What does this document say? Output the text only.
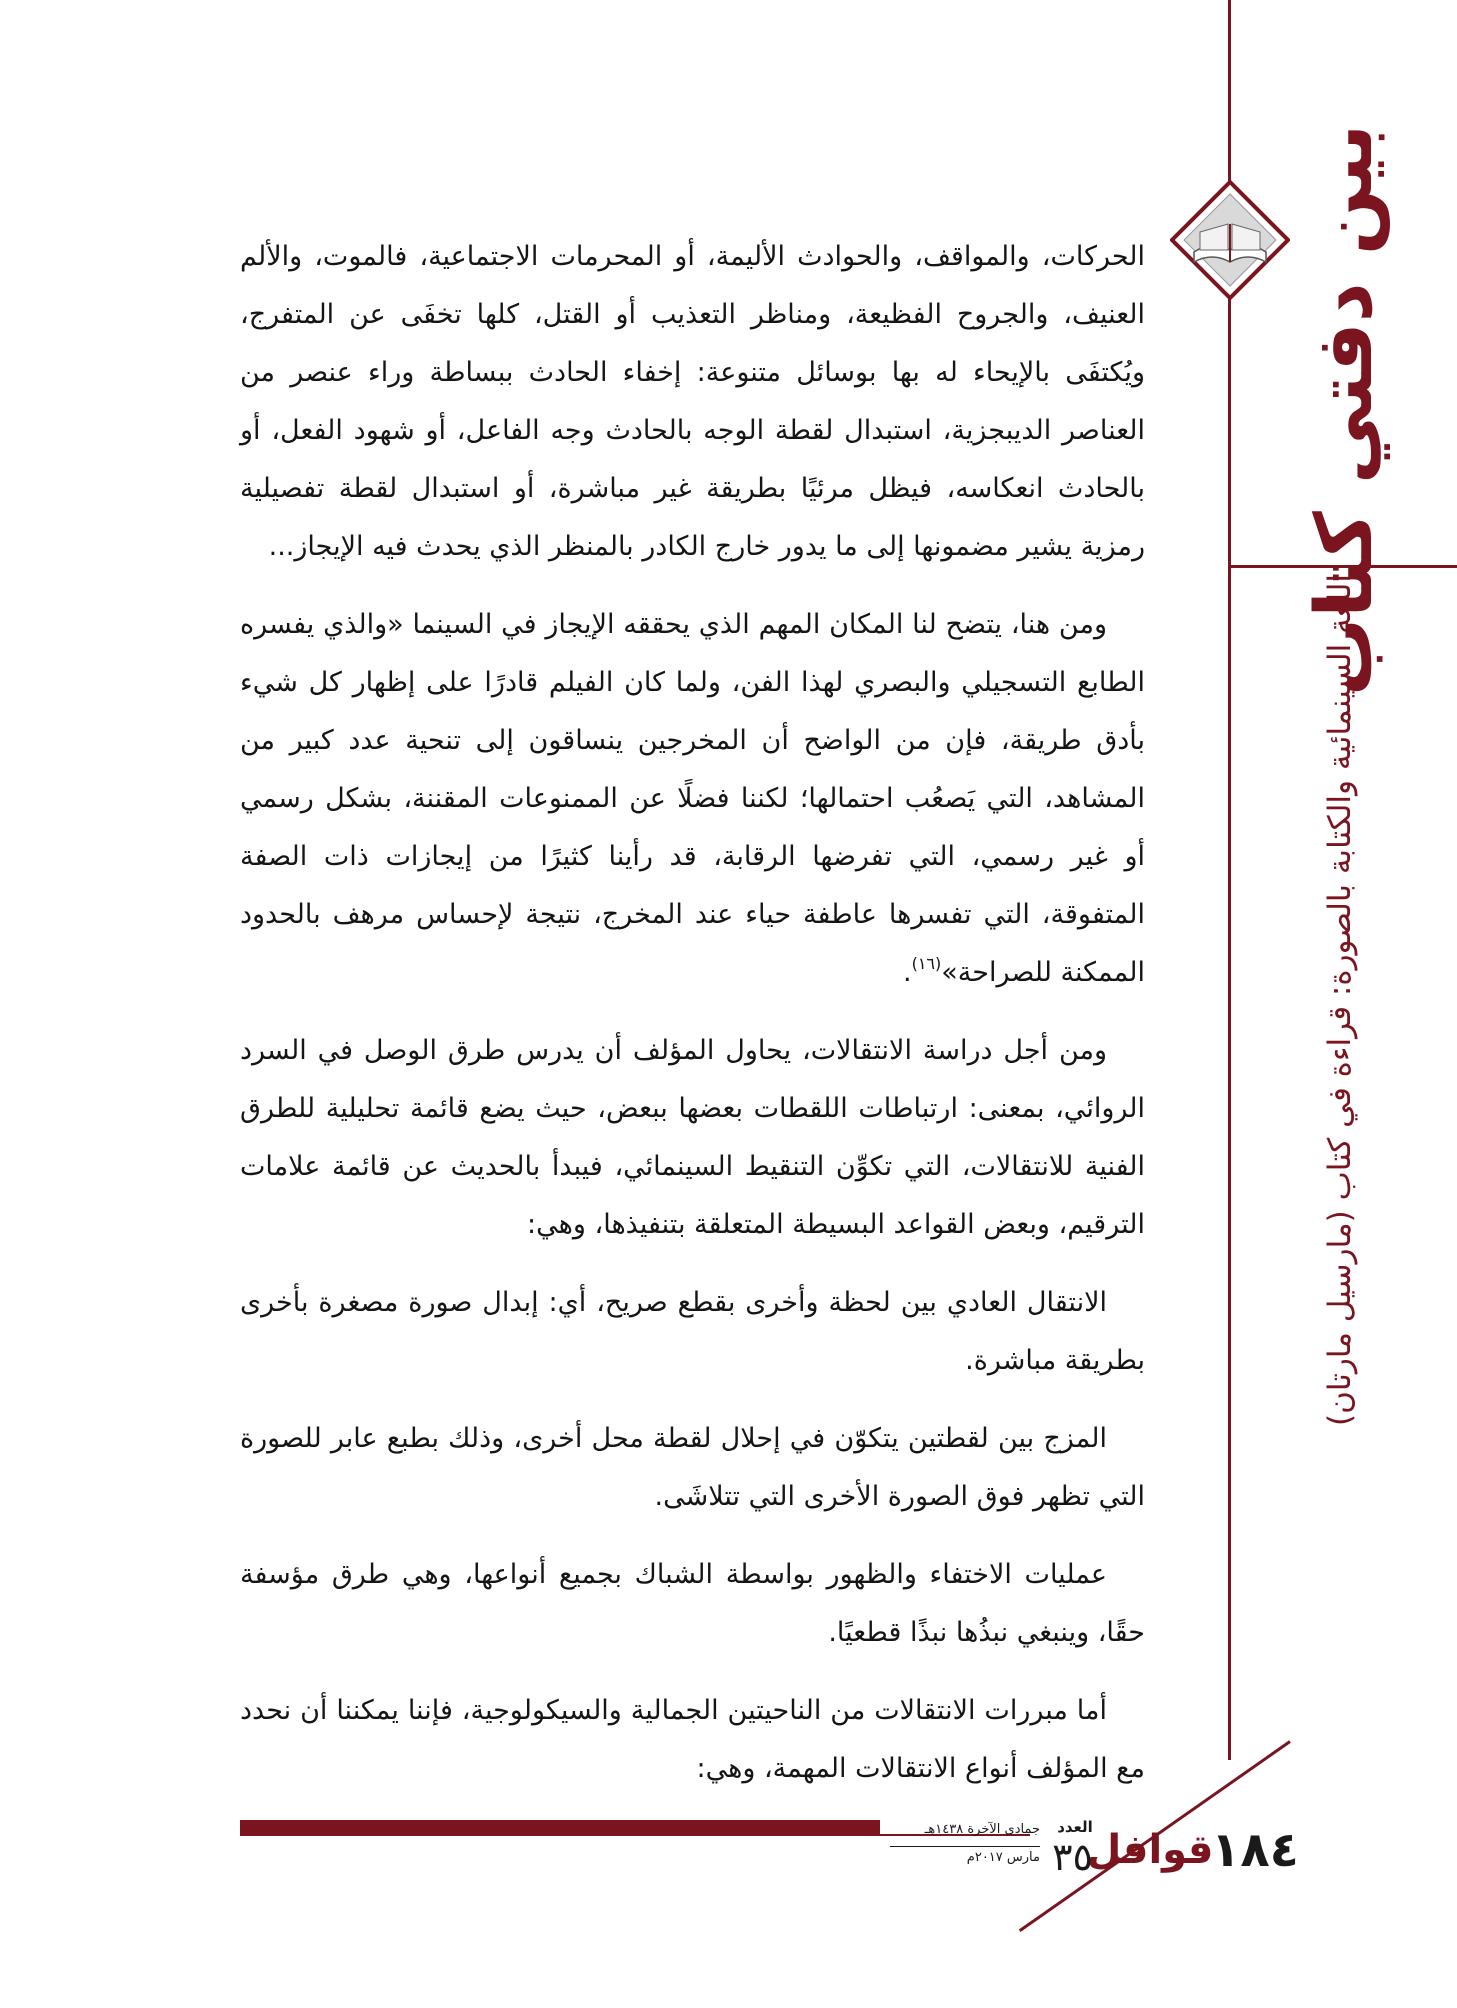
بين دفتي كتاب
اللغة السينمائية والكتابة بالصورة: قراءة في كتاب (مارسيل مارتان)

الحركات، والمواقف، والحوادث الأليمة، أو المحرمات الاجتماعية، فالموت، والألم العنيف، والجروح الفظيعة، ومناظر التعذيب أو القتل، كلها تخفَى عن المتفرج، ويُكتفَى بالإيحاء له بها بوسائل متنوعة: إخفاء الحادث ببساطة وراء عنصر من العناصر الديبجزية، استبدال لقطة الوجه بالحادث وجه الفاعل، أو شهود الفعل، أو بالحادث انعكاسه، فيظل مرئيًا بطريقة غير مباشرة، أو استبدال لقطة تفصيلية رمزية يشير مضمونها إلى ما يدور خارج الكادر بالمنظر الذي يحدث فيه الإيجاز...

ومن هنا، يتضح لنا المكان المهم الذي يحققه الإيجاز في السينما «والذي يفسره الطابع التسجيلي والبصري لهذا الفن، ولما كان الفيلم قادرًا على إظهار كل شيء بأدق طريقة، فإن من الواضح أن المخرجين ينساقون إلى تنحية عدد كبير من المشاهد، التي يَصعُب احتمالها؛ لكننا فضلًا عن الممنوعات المقننة، بشكل رسمي أو غير رسمي، التي تفرضها الرقابة، قد رأينا كثيرًا من إيجازات ذات الصفة المتفوقة، التي تفسرها عاطفة حياء عند المخرج، نتيجة لإحساس مرهف بالحدود الممكنة للصراحة»$^{(١٦)}$.

ومن أجل دراسة الانتقالات، يحاول المؤلف أن يدرس طرق الوصل في السرد الروائي، بمعنى: ارتباطات اللقطات بعضها ببعض، حيث يضع قائمة تحليلية للطرق الفنية للانتقالات، التي تكوِّن التنقيط السينمائي، فيبدأ بالحديث عن قائمة علامات الترقيم، وبعض القواعد البسيطة المتعلقة بتنفيذها، وهي:

الانتقال العادي بين لحظة وأخرى بقطع صريح، أي: إبدال صورة مصغرة بأخرى بطريقة مباشرة.

المزج بين لقطتين يتكوّن في إحلال لقطة محل أخرى، وذلك بطبع عابر للصورة التي تظهر فوق الصورة الأخرى التي تتلاشَى.

عمليات الاختفاء والظهور بواسطة الشباك بجميع أنواعها، وهي طرق مؤسفة حقًا، وينبغي نبذُها نبذًا قطعيًا.

أما مبررات الانتقالات من الناحيتين الجمالية والسيكولوجية، فإننا يمكننا أن نحدد مع المؤلف أنواع الانتقالات المهمة، وهي:

١٨٤
قوافل
العدد
٣٥
جمادى الآخرة ١٤٣٨هـ
مارس ٢٠١٧م
